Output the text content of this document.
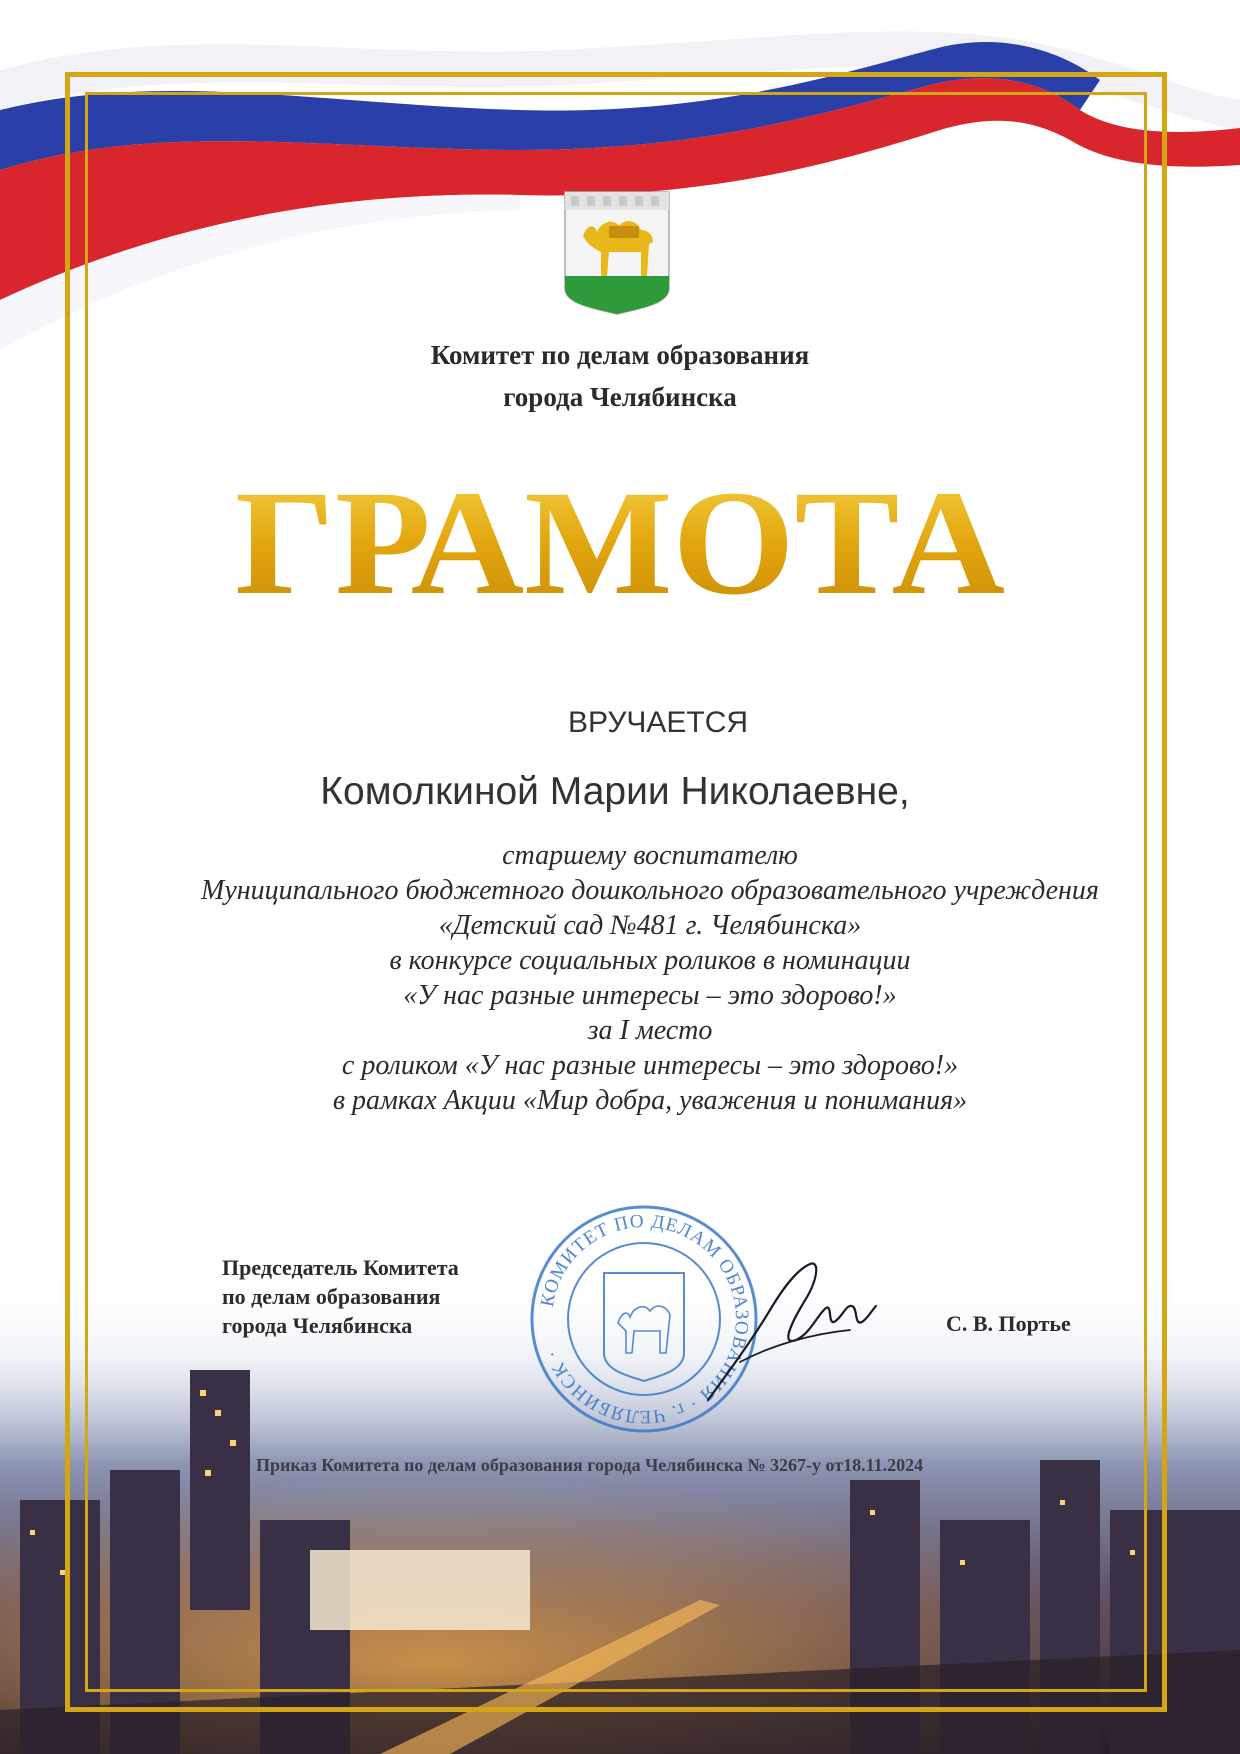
Комитет по делам образования
города Челябинска
ГРАМОТА
ВРУЧАЕТСЯ
Комолкиной Марии Николаевне,
старшему воспитателю
Муниципального бюджетного дошкольного образовательного учреждения
«Детский сад №481 г. Челябинска»
в конкурсе социальных роликов в номинации
«У нас разные интересы – это здорово!»
за I место
с роликом «У нас разные интересы – это здорово!»
в рамках Акции «Мир добра, уважения и понимания»
Председатель Комитета
по делам образования
города Челябинска
КОМИТЕТ ПО ДЕЛАМ ОБРАЗОВАНИЯ · г. ЧЕЛЯБИНСК ·
С. В. Портье
Приказ Комитета по делам образования города Челябинска № 3267-у от18.11.2024
